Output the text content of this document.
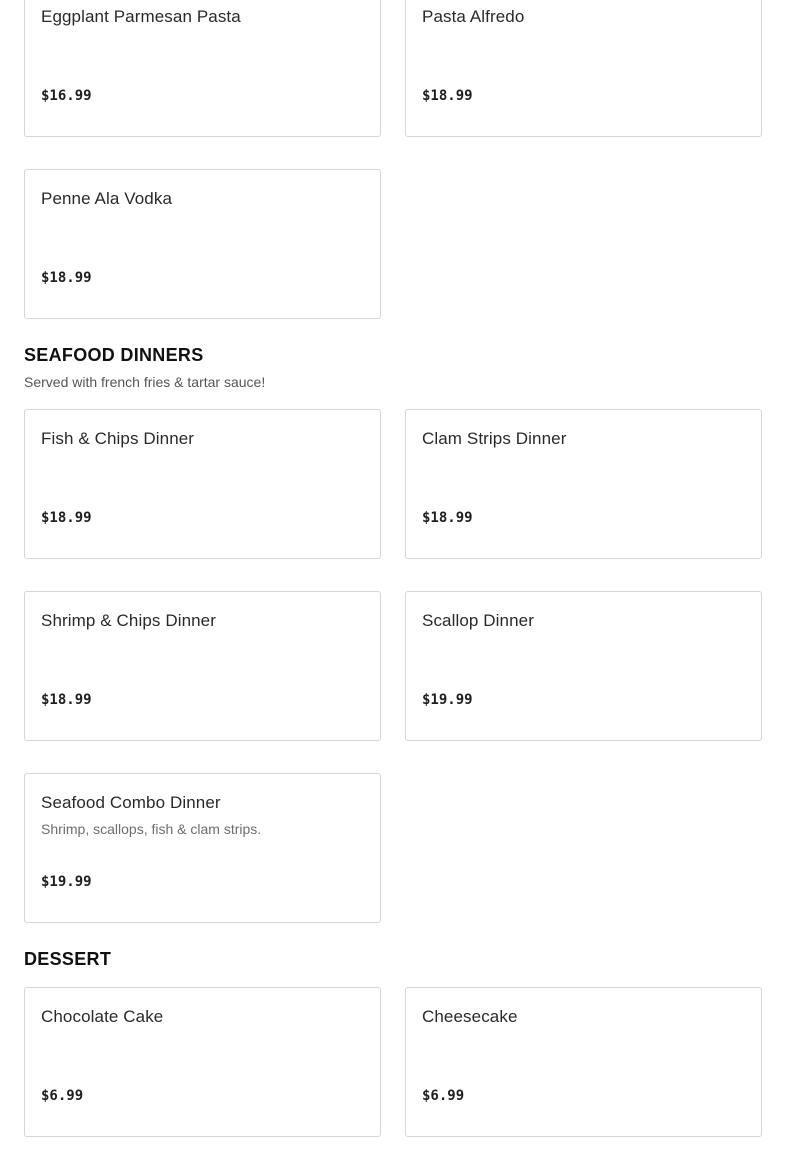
Eggplant Parmesan Pasta
$16.99
Pasta Alfredo
$18.99
Penne Ala Vodka
$18.99
SEAFOOD DINNERS
Served with french fries & tartar sauce!
Fish & Chips Dinner
$18.99
Clam Strips Dinner
$18.99
Shrimp & Chips Dinner
$18.99
Scallop Dinner
$19.99
Seafood Combo Dinner
Shrimp, scallops, fish & clam strips.
$19.99
DESSERT
Chocolate Cake
$6.99
Cheesecake
$6.99
